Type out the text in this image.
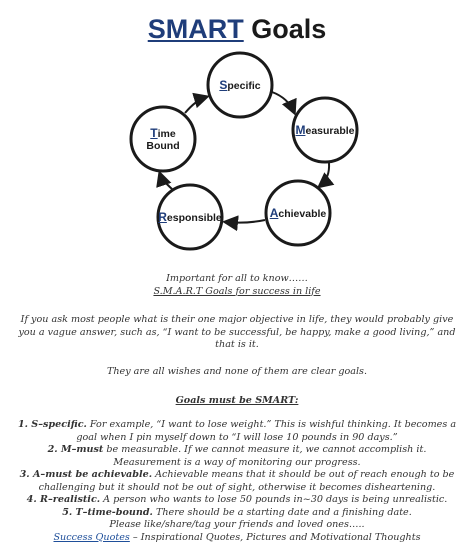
SMART Goals
Specific
Measurable
Achievable
Responsible
Time
Bound
Important for all to know……
S.M.A.R.T Goals for success in life
If you ask most people what is their one major objective in life, they would probably give you a vague answer, such as, “I want to be successful, be happy, make a good living,” and that is it.
They are all wishes and none of them are clear goals.
Goals must be SMART:
1. S–specific. For example, “I want to lose weight.” This is wishful thinking. It becomes a goal when I pin myself down to “I will lose 10 pounds in 90 days.”
2. M–must be measurable. If we cannot measure it, we cannot accomplish it. Measurement is a way of monitoring our progress.
3. A–must be achievable. Achievable means that it should be out of reach enough to be challenging but it should not be out of sight, otherwise it becomes disheartening.
4. R–realistic. A person who wants to lose 50 pounds in~30 days is being unrealistic.
5. T–time-bound. There should be a starting date and a finishing date.
Please like/share/tag your friends and loved ones…..
Success Quotes – Inspirational Quotes, Pictures and Motivational Thoughts
